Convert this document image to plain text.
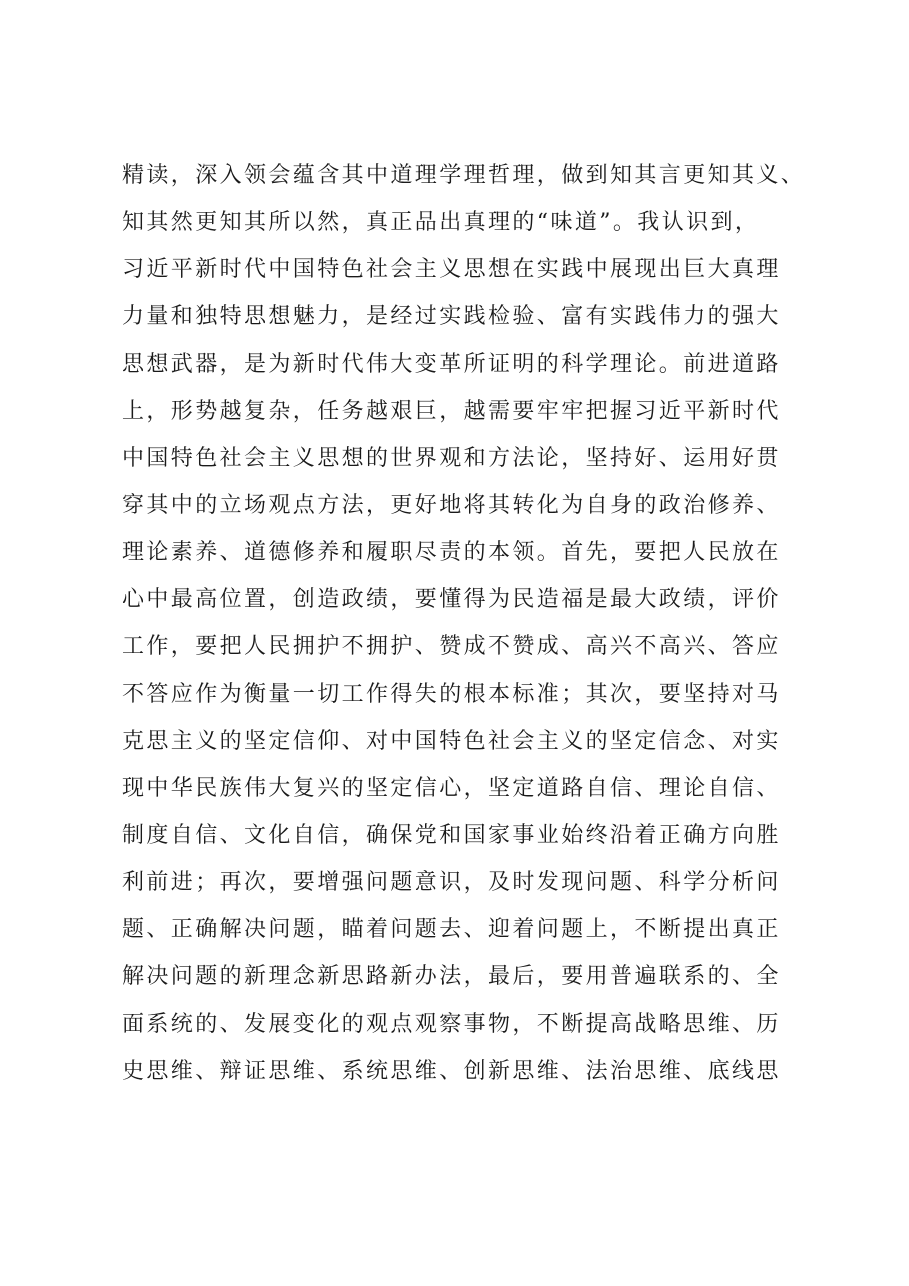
精读，深入领会蕴含其中道理学理哲理，做到知其言更知其义、
知其然更知其所以然，真正品出真理的“味道”。我认识到，
习近平新时代中国特色社会主义思想在实践中展现出巨大真理
力量和独特思想魅力，是经过实践检验、富有实践伟力的强大
思想武器，是为新时代伟大变革所证明的科学理论。前进道路
上，形势越复杂，任务越艰巨，越需要牢牢把握习近平新时代
中国特色社会主义思想的世界观和方法论，坚持好、运用好贯
穿其中的立场观点方法，更好地将其转化为自身的政治修养、
理论素养、道德修养和履职尽责的本领。首先，要把人民放在
心中最高位置，创造政绩，要懂得为民造福是最大政绩，评价
工作，要把人民拥护不拥护、赞成不赞成、高兴不高兴、答应
不答应作为衡量一切工作得失的根本标准；其次，要坚持对马
克思主义的坚定信仰、对中国特色社会主义的坚定信念、对实
现中华民族伟大复兴的坚定信心，坚定道路自信、理论自信、
制度自信、文化自信，确保党和国家事业始终沿着正确方向胜
利前进；再次，要增强问题意识，及时发现问题、科学分析问
题、正确解决问题，瞄着问题去、迎着问题上，不断提出真正
解决问题的新理念新思路新办法，最后，要用普遍联系的、全
面系统的、发展变化的观点观察事物，不断提高战略思维、历
史思维、辩证思维、系统思维、创新思维、法治思维、底线思
